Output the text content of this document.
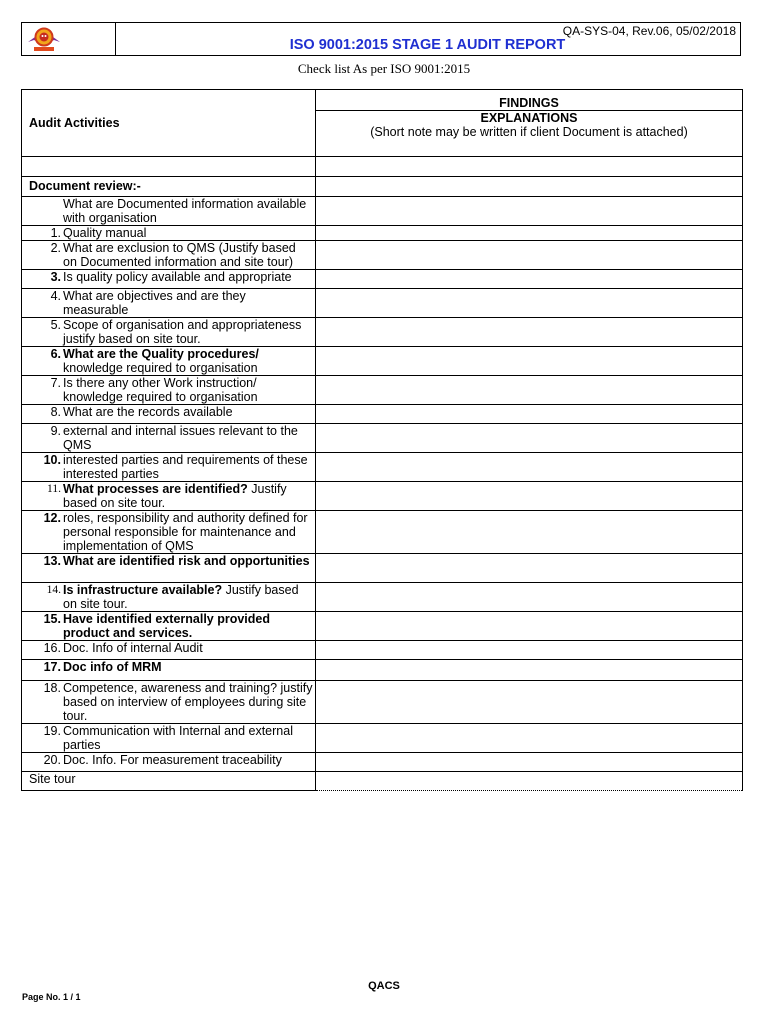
QA-SYS-04, Rev.06, 05/02/2018
ISO 9001:2015 STAGE 1 AUDIT REPORT
Check list As per ISO 9001:2015
Audit Activities	FINDINGS
EXPLANATIONS
(Short note may be written if client Document is attached)

Document review:-	

What are Documented information available with organisation	

1. Quality manual	

2. What are exclusion to QMS (Justify based on Documented information and site tour)	

3. Is quality policy available and appropriate	

4. What are objectives and are they measurable	

5. Scope of organisation and appropriateness justify based on site tour.	

6. What are the Quality procedures/ knowledge required to organisation	

7. Is there any other Work instruction/ knowledge required to organisation	

8. What are the records available	

9. external and internal issues relevant to the QMS	

10. interested parties and requirements of these interested parties	

11. What processes are identified? Justify based on site tour.	

12. roles, responsibility and authority defined for personal responsible for maintenance and implementation of QMS	

13. What are identified risk and opportunities	

14. Is infrastructure available? Justify based on site tour.	

15. Have identified externally provided product and services.	

16. Doc. Info of internal Audit	

17. Doc info of MRM	

18. Competence, awareness and training? justify based on interview of employees during site tour.	

19. Communication with Internal and external parties	

20. Doc. Info. For measurement traceability	

Site tour	

QACS
Page No. 1 / 1
